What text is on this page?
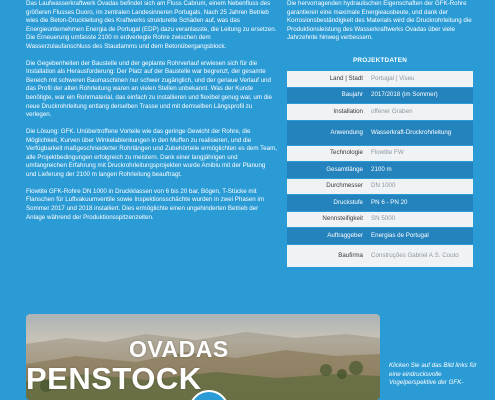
Das Laufwasserkraftwerk Ovadas befindet sich am Fluss Cabrum, einem Nebenfluss des größeren Flusses Duoro, im zentralen Landesinneren Portugals. Nach 25 Jahren Betrieb wies die Beton-Druckleitung des Kraftwerks strukturelle Schäden auf, was das Energieunternehmen Energia de Portugal (EDP) dazu veranlasste, die Leitung zu ersetzen. Die Erneuerung umfasste 2100 m erdverlegte Rohre zwischen dem Wasserzulaufanschluss des Staudamms und dem Betonübergangsblock.

Die Gegebenheiten der Baustelle und der geplante Rohrverlauf erwiesen sich für die Installation als Herausforderung: Der Platz auf der Baustelle war begrenzt, der gesamte Bereich mit schweren Baumaschinen nur schwer zugänglich, und der genaue Verlauf und das Profil der alten Rohrleitung waren an vielen Stellen unbekannt. Was der Kunde benötigte, war ein Rohrmaterial, das einfach zu installieren und flexibel genug war, um die neue Druckrohrleitung entlang derselben Trasse und mit demselben Längsprofil zu verlegen.

Die Lösung: GFK. Unübertroffene Vorteile wie das geringe Gewicht der Rohre, die Möglichkeit, Kurven über Winkelablenkungen in den Muffen zu realisieren, und die Verfügbarkeit maßgeschneiderter Rohrlängen und Zubehörteile ermöglichten es dem Team, alle Projektbedingungen erfolgreich zu meistern. Dank einer langjährigen und umfangreichen Erfahrung mit Druckrohrleitungsprojekten wurde Amiblu mit der Planung und Lieferung der 2100 m langen Rohrleitung beauftragt.

Flowtite GFK-Rohre DN 1000 in Druckklassen von 6 bis 20 bar, Bögen, T-Stücke mit Flanschen für Luftvakuumventile sowie Inspektionsschächte wurden in zwei Phasen im Sommer 2017 und 2018 installiert. Dies ermöglichte einen ungehinderten Betrieb der Anlage während der Produktionsspitzenzeiten.

Die hervorragenden hydraulischen Eigenschaften der GFK-Rohre garantieren eine maximale Energieausbeute, und dank der Korrosionsbeständigkeit des Materials wird die Druckrohrleitung die Produktionsleistung des Wasserkraftwerks Ovadas über viele Jahrzehnte hinweg verbessern.

PROJEKTDATEN
Land | Stadt	Portugal | Viseu
Baujahr	2017/2018 (im Sommer)
Installation	offener Graben
Anwendung	Wasserkraft-Druckrohrleitung
Technologie	Flowtite FW
Gesamtlänge	2100 m
Durchmesser	DN 1000
Druckstufe	PN 6 - PN 20
Nennsteifigkeit	SN 5000
Auftraggeber	Energias de Portugal
Baufirma	Construções Gabriel A.S. Couto
OVADAS
PENSTOCK	Klicken Sie auf das Bild links für eine eindrucksvolle Vogelperspektive der GFK-
